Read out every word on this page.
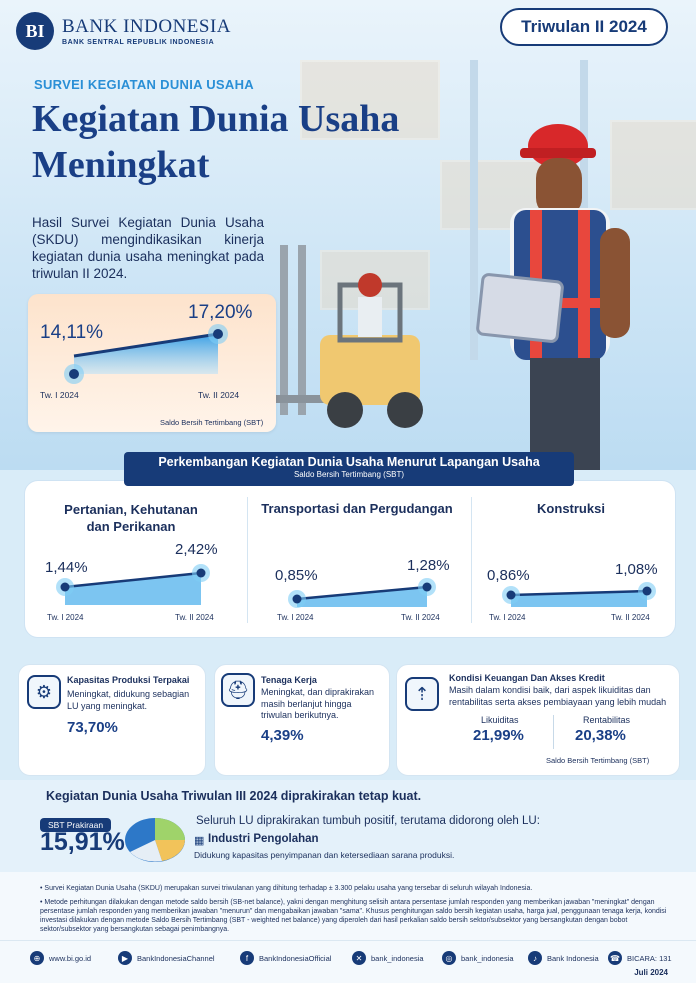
BI BANK INDONESIA
BANK SENTRAL REPUBLIK INDONESIA
Triwulan II 2024
SURVEI KEGIATAN DUNIA USAHA
Kegiatan Dunia Usaha Meningkat
Hasil Survei Kegiatan Dunia Usaha (SKDU) mengindikasikan kinerja kegiatan dunia usaha meningkat pada triwulan II 2024.
14,11%
17,20%
Tw. I 2024	Tw. II 2024
Saldo Bersih Tertimbang (SBT)
Pertanian, Kehutanan
dan Perikanan
1,44%
2,42%
Tw. I 2024	Tw. II 2024
Transportasi dan Pergudangan
0,85%
1,28%
Tw. I 2024	Tw. II 2024
Konstruksi
0,86%	1,08%
Tw. I 2024	Tw. II 2024
Perkembangan Kegiatan Dunia Usaha Menurut Lapangan Usaha
Saldo Bersih Tertimbang (SBT)
⚙
Kapasitas Produksi Terpakai
Meningkat, didukung sebagian LU yang meningkat.
73,70%
⛑	Tenaga Kerja
Meningkat, dan diprakirakan masih berlanjut hingga triwulan berikutnya.
4,39%
⇡
Kondisi Keuangan Dan Akses Kredit
Masih dalam kondisi baik, dari aspek likuiditas dan rentabilitas serta akses pembiayaan yang lebih mudah
Likuiditas
21,99%
Rentabilitas
20,38%
Saldo Bersih Tertimbang (SBT)
Kegiatan Dunia Usaha Triwulan III 2024 diprakirakan tetap kuat.
SBT Prakiraan
15,91%
Seluruh LU diprakirakan tumbuh positif, terutama didorong oleh LU:
▦ Industri Pengolahan
Didukung kapasitas penyimpanan dan ketersediaan sarana produksi.
• Survei Kegiatan Dunia Usaha (SKDU) merupakan survei triwulanan yang dihitung terhadap ± 3.300 pelaku usaha yang tersebar di seluruh wilayah Indonesia.
• Metode perhitungan dilakukan dengan metode saldo bersih (SB-net balance), yakni dengan menghitung selisih antara persentase jumlah responden yang memberikan jawaban "meningkat" dengan persentase jumlah responden yang memberikan jawaban "menurun" dan mengabaikan jawaban "sama". Khusus penghitungan saldo bersih kegiatan usaha, harga jual, penggunaan tenaga kerja, kondisi investasi dilakukan dengan metode Saldo Bersih Tertimbang (SBT - weighted net balance) yang diperoleh dari hasil perkalian saldo bersih sektor/subsektor yang bersangkutan dengan bobot sektor/subsektor yang bersangkutan sebagai penimbangnya.
⊕	www.bi.go.id	▶	BankIndonesiaChannel	f	BankIndonesiaOfficial	✕	bank_indonesia	◎	bank_indonesia	♪	Bank Indonesia ☎ BICARA: 131
Juli 2024
